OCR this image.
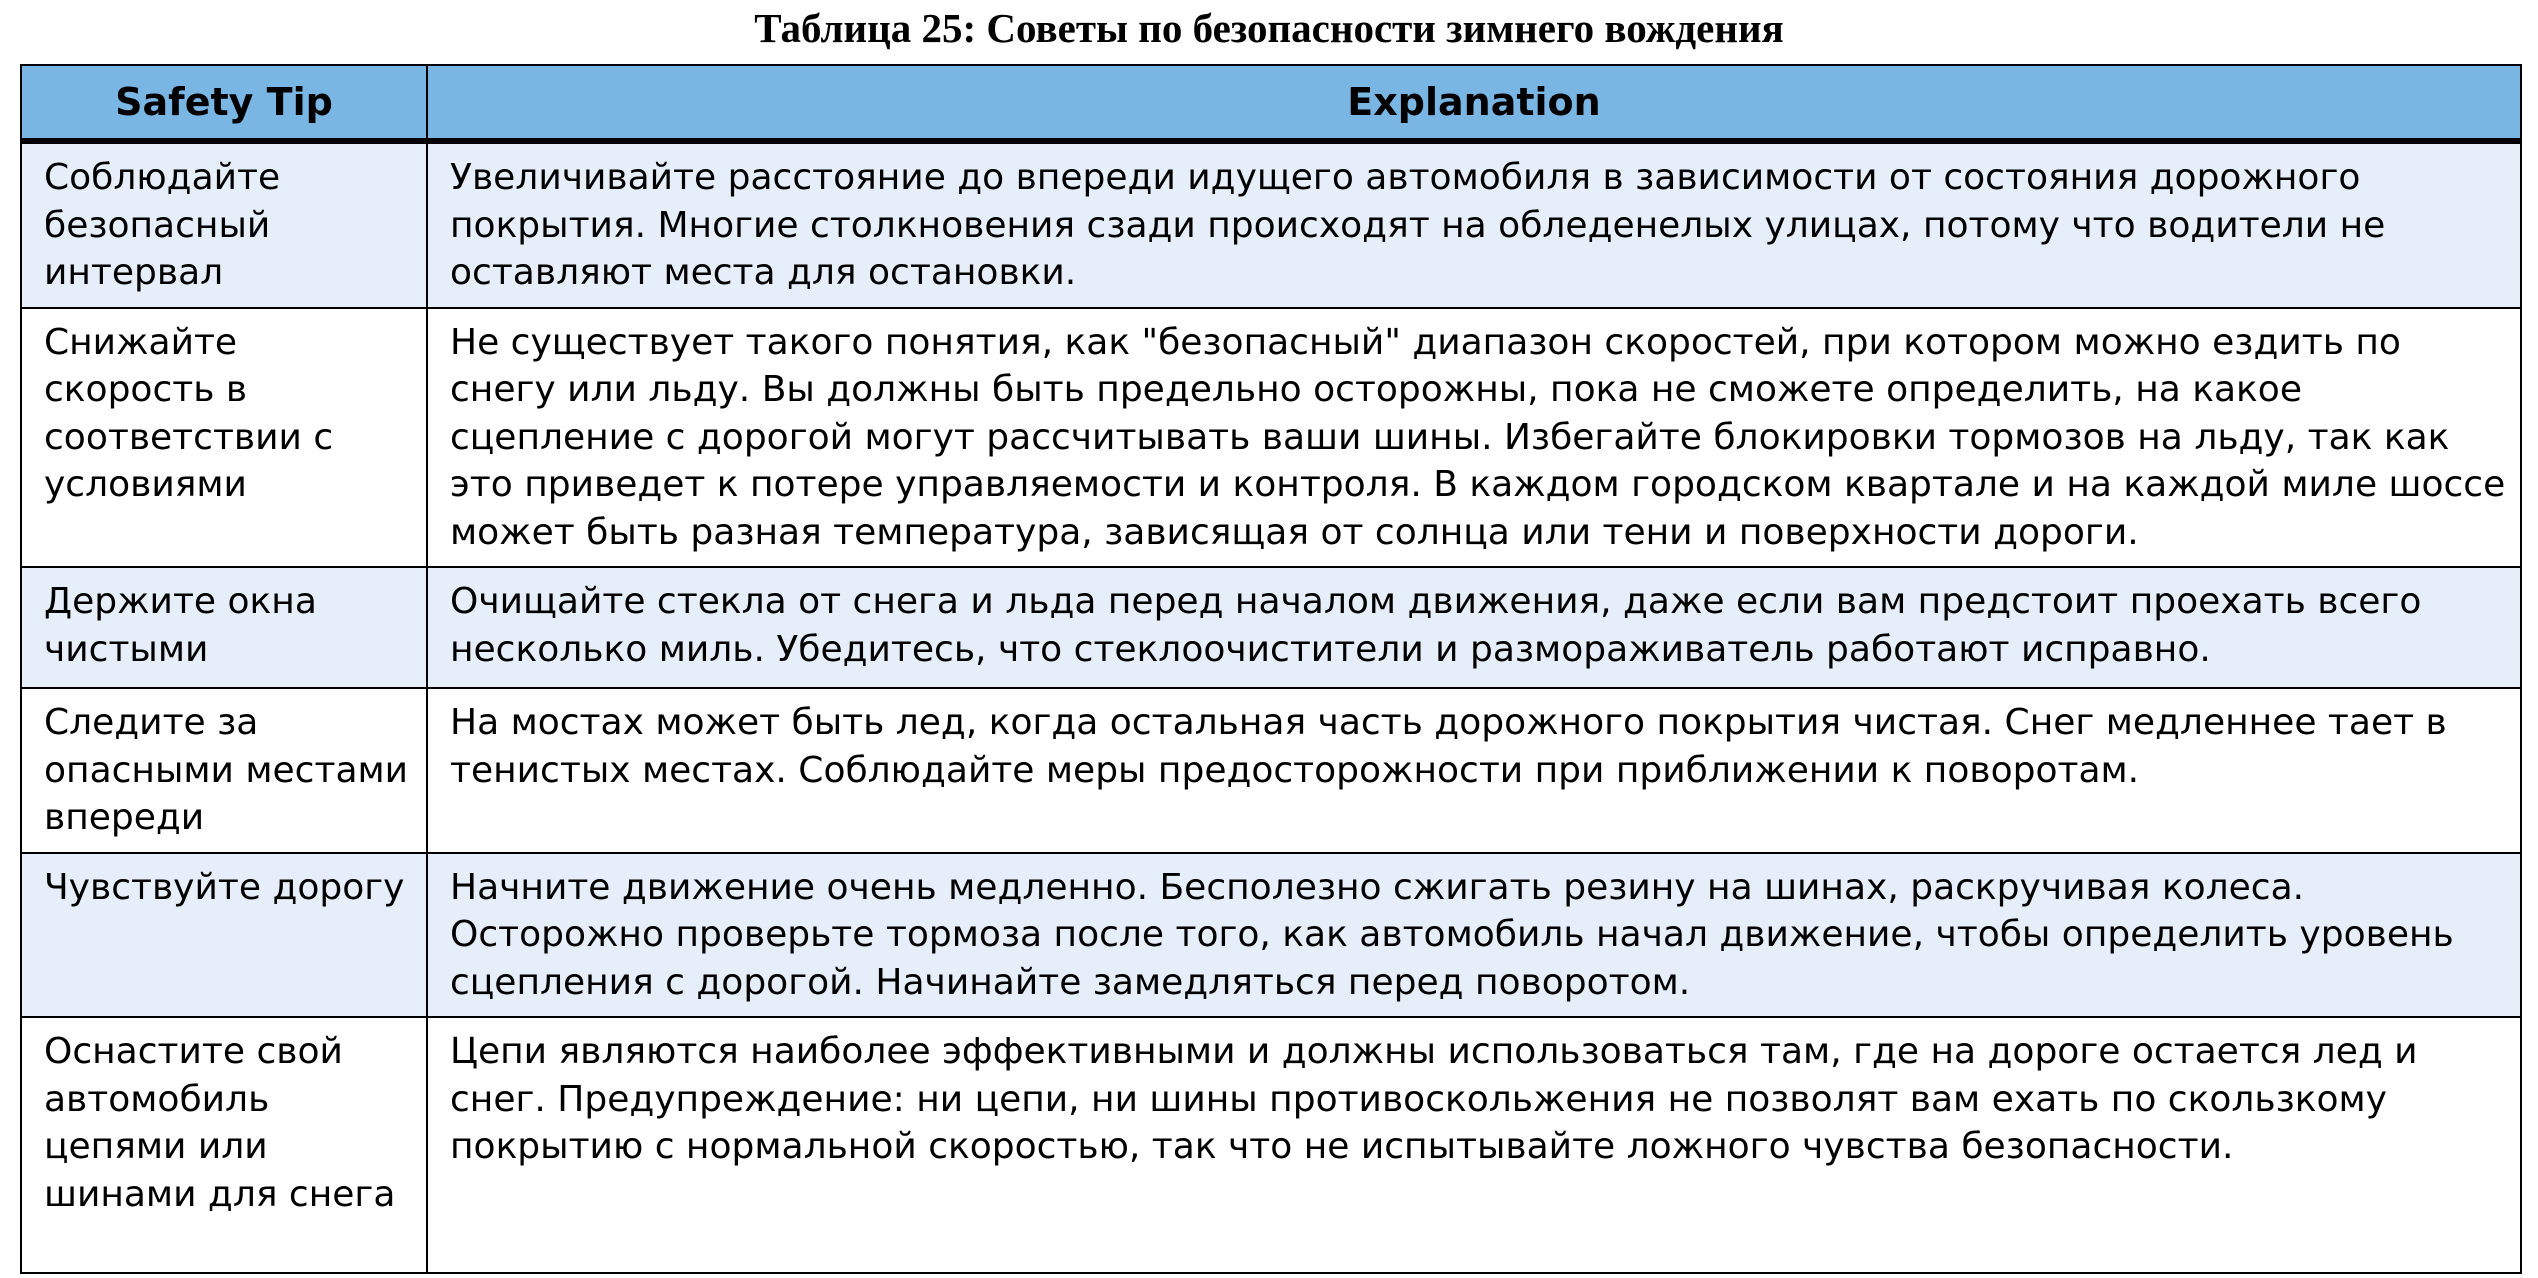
Таблица 25: Советы по безопасности зимнего вождения
Safety Tip	Explanation
Соблюдайте безопасный интервал	Увеличивайте расстояние до впереди идущего автомобиля в зависимости от состояния дорожного покрытия. Многие столкновения сзади происходят на обледенелых улицах, потому что водители не оставляют места для остановки.
Снижайте скорость в соответствии с условиями	Не существует такого понятия, как "безопасный" диапазон скоростей, при котором можно ездить по снегу или льду. Вы должны быть предельно осторожны, пока не сможете определить, на какое сцепление с дорогой могут рассчитывать ваши шины. Избегайте блокировки тормозов на льду, так как это приведет к потере управляемости и контроля. В каждом городском квартале и на каждой миле шоссе может быть разная температура, зависящая от солнца или тени и поверхности дороги.
Держите окна чистыми	Очищайте стекла от снега и льда перед началом движения, даже если вам предстоит проехать всего несколько миль. Убедитесь, что стеклоочистители и размораживатель работают исправно.
Следите за опасными местами впереди	На мостах может быть лед, когда остальная часть дорожного покрытия чистая. Снег медленнее тает в тенистых местах. Соблюдайте меры предосторожности при приближении к поворотам.
Чувствуйте дорогу	Начните движение очень медленно. Бесполезно сжигать резину на шинах, раскручивая колеса. Осторожно проверьте тормоза после того, как автомобиль начал движение, чтобы определить уровень сцепления с дорогой. Начинайте замедляться перед поворотом.
Оснастите свой автомобиль цепями или шинами для снега	Цепи являются наиболее эффективными и должны использоваться там, где на дороге остается лед и снег. Предупреждение: ни цепи, ни шины противоскольжения не позволят вам ехать по скользкому покрытию с нормальной скоростью, так что не испытывайте ложного чувства безопасности.
